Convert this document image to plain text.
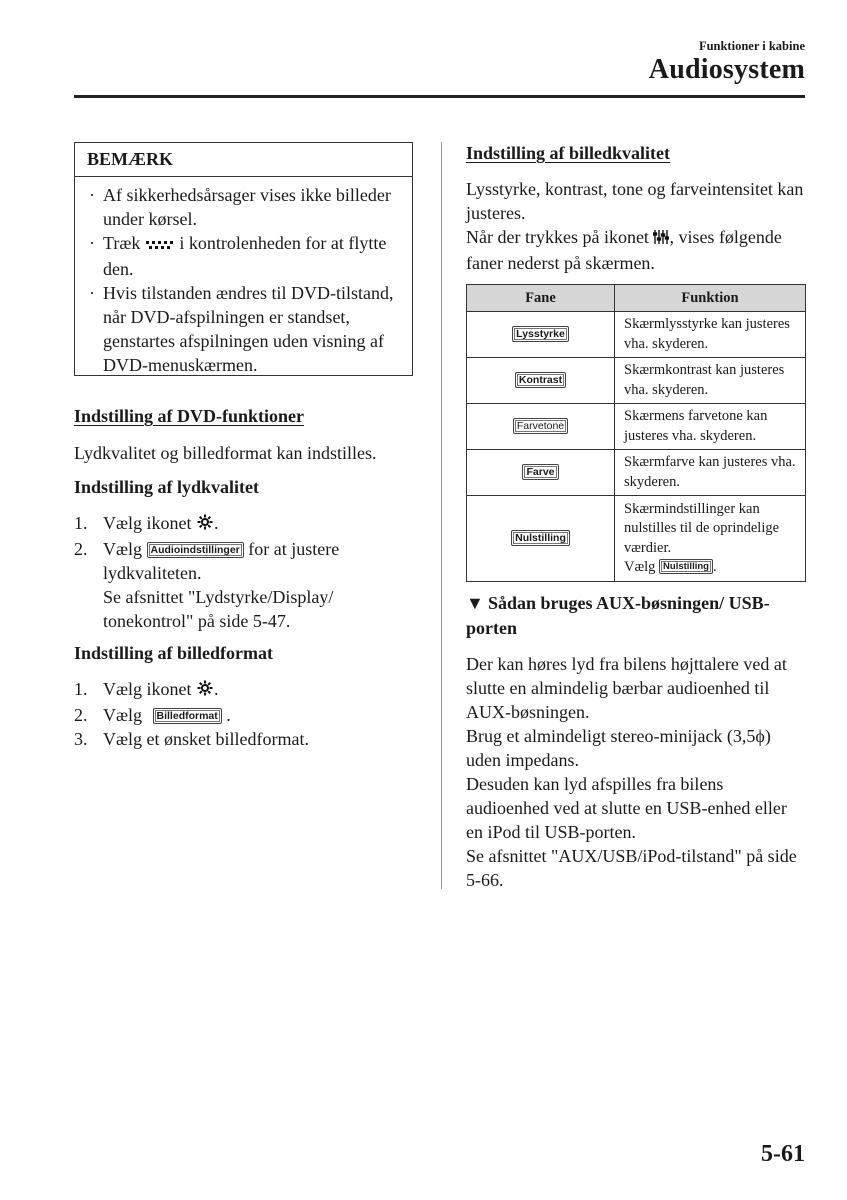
Funktioner i kabine
Audiosystem
BEMÆRK
· Af sikkerhedsårsager vises ikke billeder under kørsel.
· Træk i kontrolenheden for at flytte den.
· Hvis tilstanden ændres til DVD-tilstand, når DVD-afspilningen er standset, genstartes afspilningen uden visning af DVD-menuskærmen.
Indstilling af DVD-funktioner
Lydkvalitet og billedformat kan indstilles.
Indstilling af lydkvalitet
1. Vælg ikonet .
2. Vælg Audioindstillinger for at justere lydkvaliteten.
Se afsnittet "Lydstyrke/Display/ tonekontrol" på side 5-47.
Indstilling af billedformat
1. Vælg ikonet .
2. Vælg Billedformat .
3. Vælg et ønsket billedformat.
Indstilling af billedkvalitet
Lysstyrke, kontrast, tone og farveintensitet kan justeres.
Når der trykkes på ikonet , vises følgende faner nederst på skærmen.
Fane	Funktion
Lysstyrke	Skærmlysstyrke kan justeres vha. skyderen.
Kontrast	Skærmkontrast kan justeres vha. skyderen.
Farvetone	Skærmens farvetone kan justeres vha. skyderen.
Farve	Skærmfarve kan justeres vha. skyderen.
Nulstilling	Skærmindstillinger kan nulstilles til de oprindelige værdier.
Vælg Nulstilling .
▼ Sådan bruges AUX-bøsningen/ USB-porten
Der kan høres lyd fra bilens højttalere ved at slutte en almindelig bærbar audioenhed til AUX-bøsningen.
Brug et almindeligt stereo-minijack (3,5ϕ) uden impedans.
Desuden kan lyd afspilles fra bilens audioenhed ved at slutte en USB-enhed eller en iPod til USB-porten.
Se afsnittet "AUX/USB/iPod-tilstand" på side 5-66.
5-61
